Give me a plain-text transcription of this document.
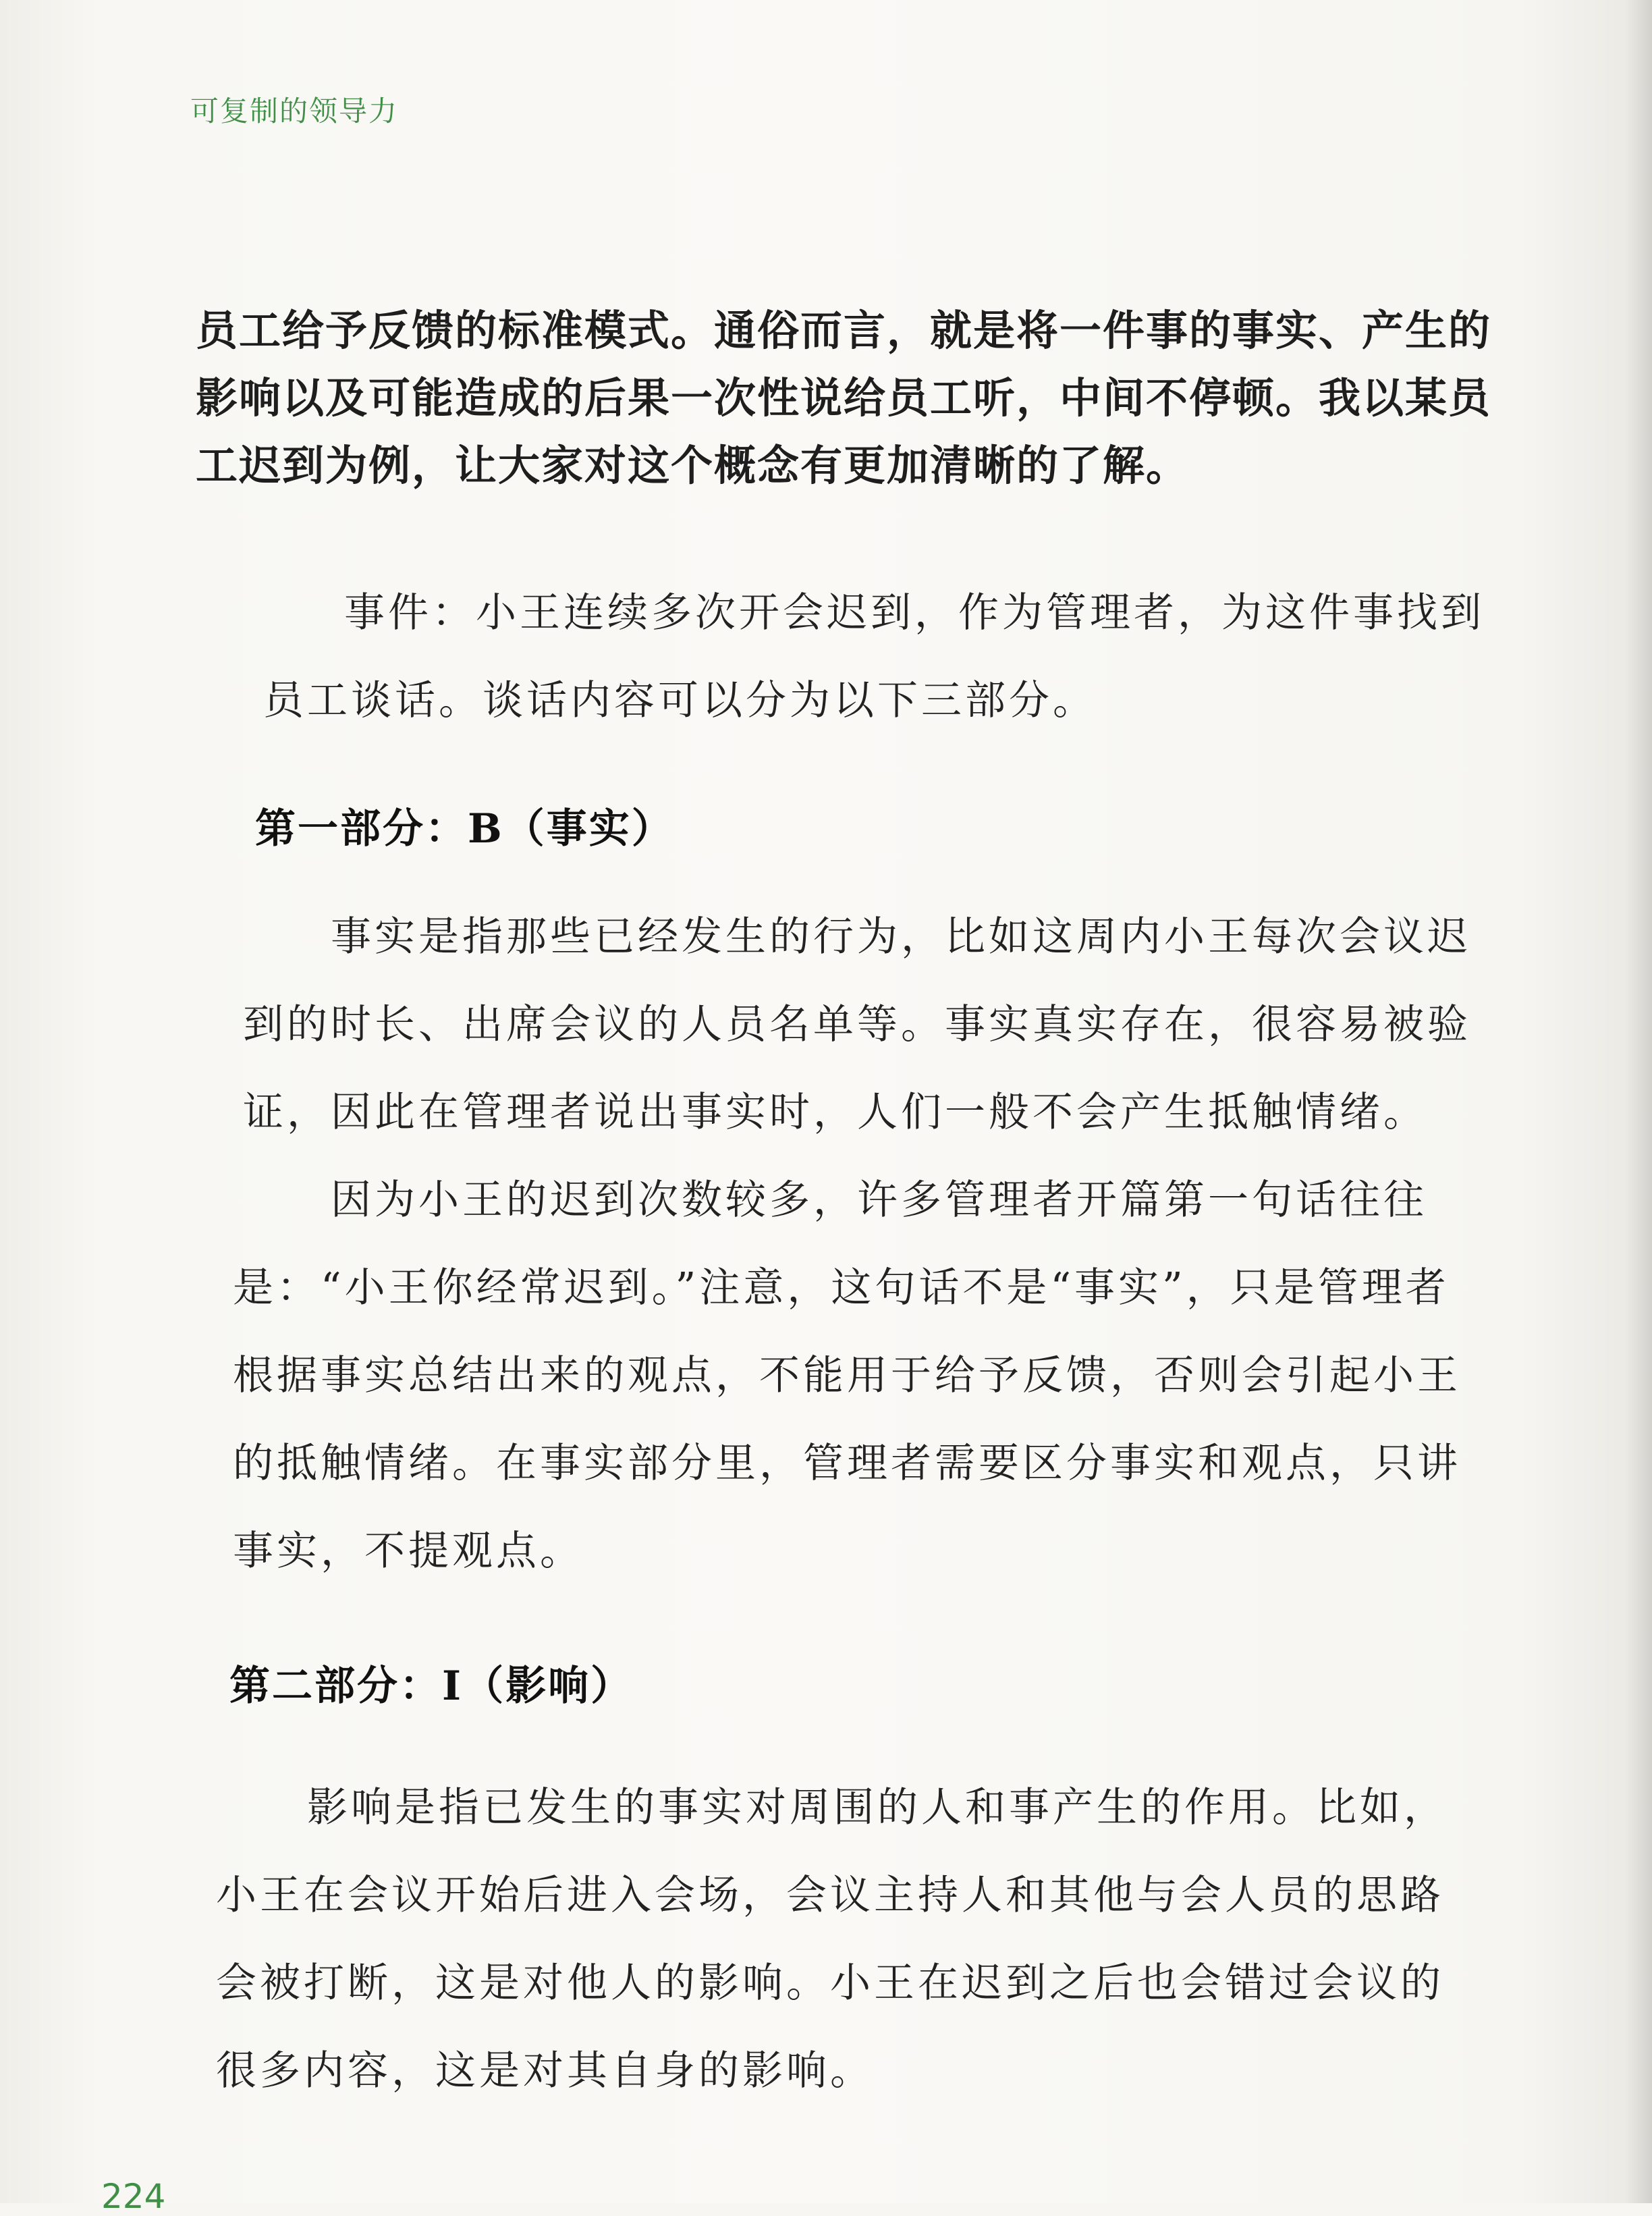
可复制的领导力
员工给予反馈的标准模式。通俗而言，就是将一件事的事实、产生的
影响以及可能造成的后果一次性说给员工听，中间不停顿。我以某员
工迟到为例，让大家对这个概念有更加清晰的了解。
事件：小王连续多次开会迟到，作为管理者，为这件事找到
员工谈话。谈话内容可以分为以下三部分。
第一部分：B（事实）
事实是指那些已经发生的行为，比如这周内小王每次会议迟
到的时长、出席会议的人员名单等。事实真实存在，很容易被验
证，因此在管理者说出事实时，人们一般不会产生抵触情绪。
因为小王的迟到次数较多，许多管理者开篇第一句话往往
是：“小王你经常迟到。”注意，这句话不是“事实”，只是管理者
根据事实总结出来的观点，不能用于给予反馈，否则会引起小王
的抵触情绪。在事实部分里，管理者需要区分事实和观点，只讲
事实，不提观点。
第二部分：I（影响）
影响是指已发生的事实对周围的人和事产生的作用。比如，
小王在会议开始后进入会场，会议主持人和其他与会人员的思路
会被打断，这是对他人的影响。小王在迟到之后也会错过会议的
很多内容，这是对其自身的影响。
224
